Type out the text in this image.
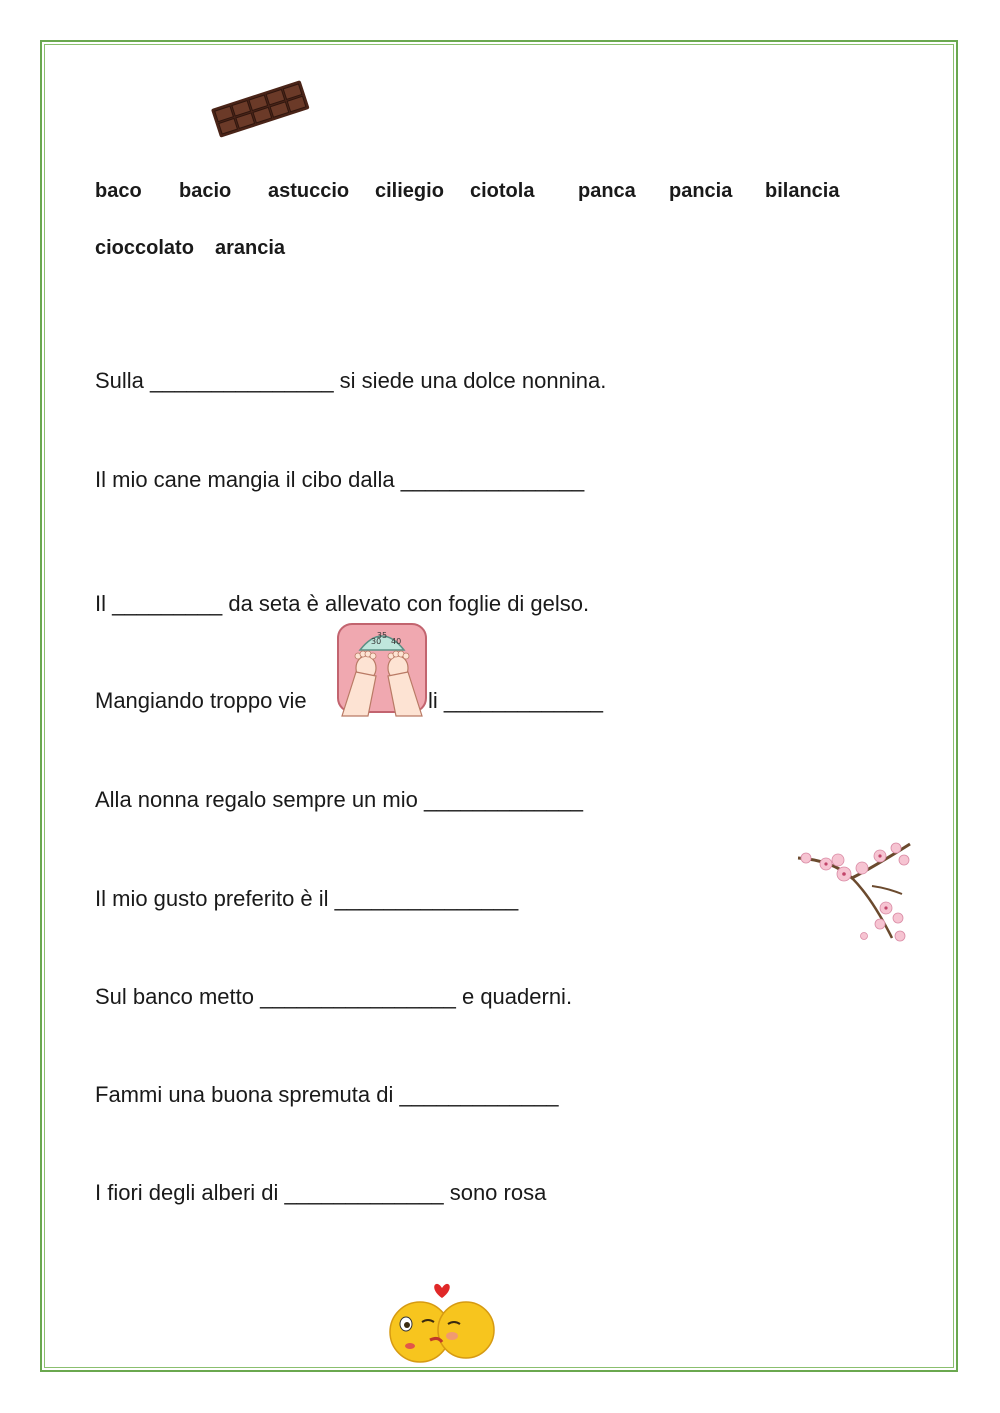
baco bacio astuccio ciliegio ciotola panca pancia bilancia
cioccolato arancia
Sulla _______________ si siede una dolce nonnina.
Il mio cane mangia il cibo dalla _______________
Il _________ da seta è allevato con foglie di gelso.
Mangiando troppo vie	li _____________
Alla nonna regalo sempre un mio _____________
Il mio gusto preferito è il _______________
Sul banco metto ________________ e quaderni.
Fammi una buona spremuta di _____________
I fiori degli alberi di _____________ sono rosa
30
35
40
